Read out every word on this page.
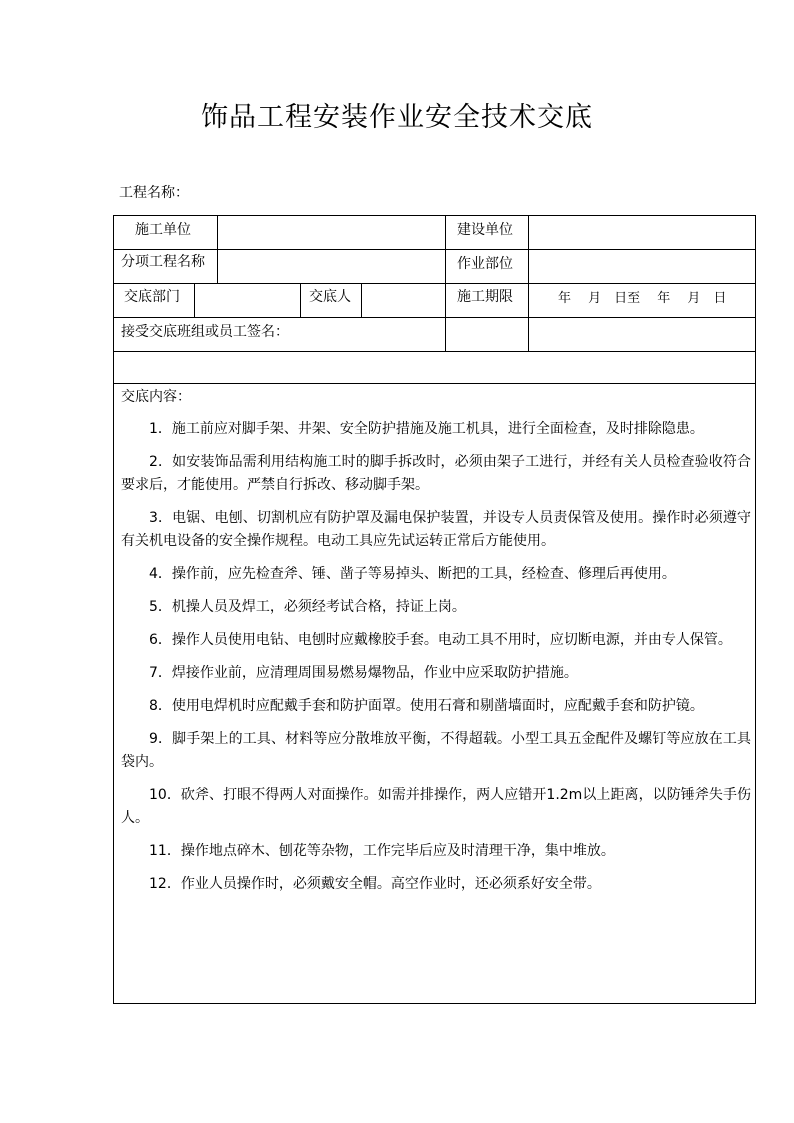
饰品工程安装作业安全技术交底
工程名称：
施工单位	建设单位
分项工程名称	作业部位
交底部门	交底人	施工期限	年　 月　日至　 年　 月　日
接受交底班组或员工签名：
交底内容：

1．施工前应对脚手架、井架、安全防护措施及施工机具，进行全面检查，及时排除隐患。

2．如安装饰品需利用结构施工时的脚手拆改时，必须由架子工进行，并经有关人员检查验收符合要求后，才能使用。严禁自行拆改、移动脚手架。

3．电锯、电刨、切割机应有防护罩及漏电保护装置，并设专人员责保管及使用。操作时必须遵守有关机电设备的安全操作规程。电动工具应先试运转正常后方能使用。

4．操作前，应先检查斧、锤、凿子等易掉头、断把的工具，经检查、修理后再使用。

5．机操人员及焊工，必须经考试合格，持证上岗。

6．操作人员使用电钻、电刨时应戴橡胶手套。电动工具不用时，应切断电源，并由专人保管。

7．焊接作业前，应清理周围易燃易爆物品，作业中应采取防护措施。

8．使用电焊机时应配戴手套和防护面罩。使用石膏和剔凿墙面时，应配戴手套和防护镜。

9．脚手架上的工具、材料等应分散堆放平衡，不得超载。小型工具五金配件及螺钉等应放在工具袋内。

10．砍斧、打眼不得两人对面操作。如需并排操作，两人应错开1.2m以上距离，以防锤斧失手伤人。

11．操作地点碎木、刨花等杂物，工作完毕后应及时清理干净，集中堆放。

12．作业人员操作时，必须戴安全帽。高空作业时，还必须系好安全带。
